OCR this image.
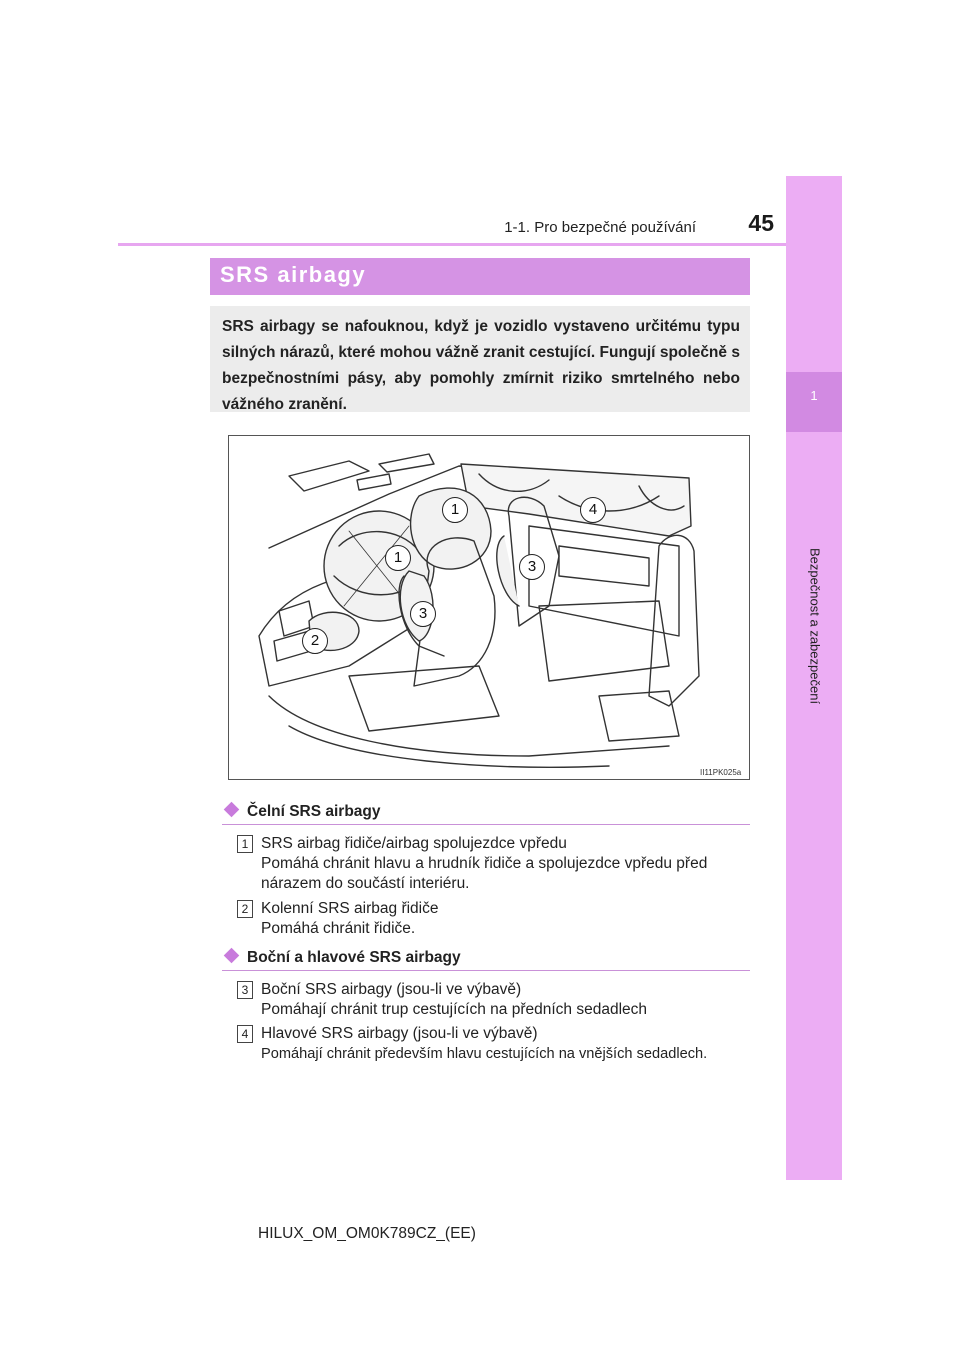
1-1. Pro bezpečné používání	45
1
Bezpečnost a zabezpečení
SRS airbagy
SRS airbagy se nafouknou, když je vozidlo vystaveno určitému typu silných nárazů, které mohou vážně zranit cestující. Fungují společně s bezpečnostními pásy, aby pomohly zmírnit riziko smrtelného nebo vážného zranění.
1
1
2
3
3
4
II11PK025a
Čelní SRS airbagy
1 SRS airbag řidiče/airbag spolujezdce vpředu
Pomáhá chránit hlavu a hrudník řidiče a spolujezdce vpředu před nárazem do součástí interiéru.
2 Kolenní SRS airbag řidiče
Pomáhá chránit řidiče.
Boční a hlavové SRS airbagy
3 Boční SRS airbagy (jsou-li ve výbavě)
Pomáhají chránit trup cestujících na předních sedadlech
4 Hlavové SRS airbagy (jsou-li ve výbavě)
Pomáhají chránit především hlavu cestujících na vnějších sedadlech.
HILUX_OM_OM0K789CZ_(EE)
